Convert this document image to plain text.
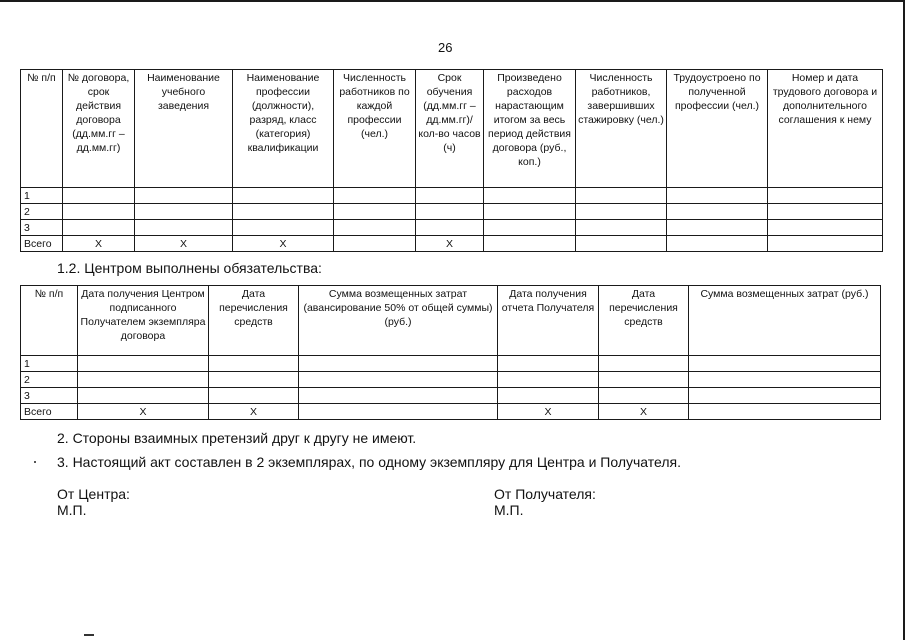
26
№ п/п	№ договора, срок действия договора (дд.мм.гг – дд.мм.гг)	Наименование учебного заведения	Наименование профессии (должности), разряд, класс (категория) квалификации	Численность работников по каждой профессии (чел.)	Срок обучения (дд.мм.гг – дд.мм.гг)/ кол-во часов (ч)	Произведено расходов нарастающим итогом за весь период действия договора (руб., коп.)	Численность работников, завершивших стажировку (чел.)	Трудоустроено по полученной профессии (чел.)	Номер и дата трудового договора и дополнительного соглашения к нему
1									
2									
3									
Всего	X	X	X		X				
1.2. Центром выполнены обязательства:
№ п/п	Дата получения Центром подписанного Получателем экземпляра договора	Дата перечисления средств	Сумма возмещенных затрат (авансирование 50% от общей суммы) (руб.)	Дата получения отчета Получателя	Дата перечисления средств	Сумма возмещенных затрат (руб.)
1						
2						
3						
Всего	X	X		X	X	
2. Стороны взаимных претензий друг к другу не имеют.
3. Настоящий акт составлен в 2 экземплярах, по одному экземпляру для Центра и Получателя.
От Центра:
М.П.
От Получателя:
М.П.
